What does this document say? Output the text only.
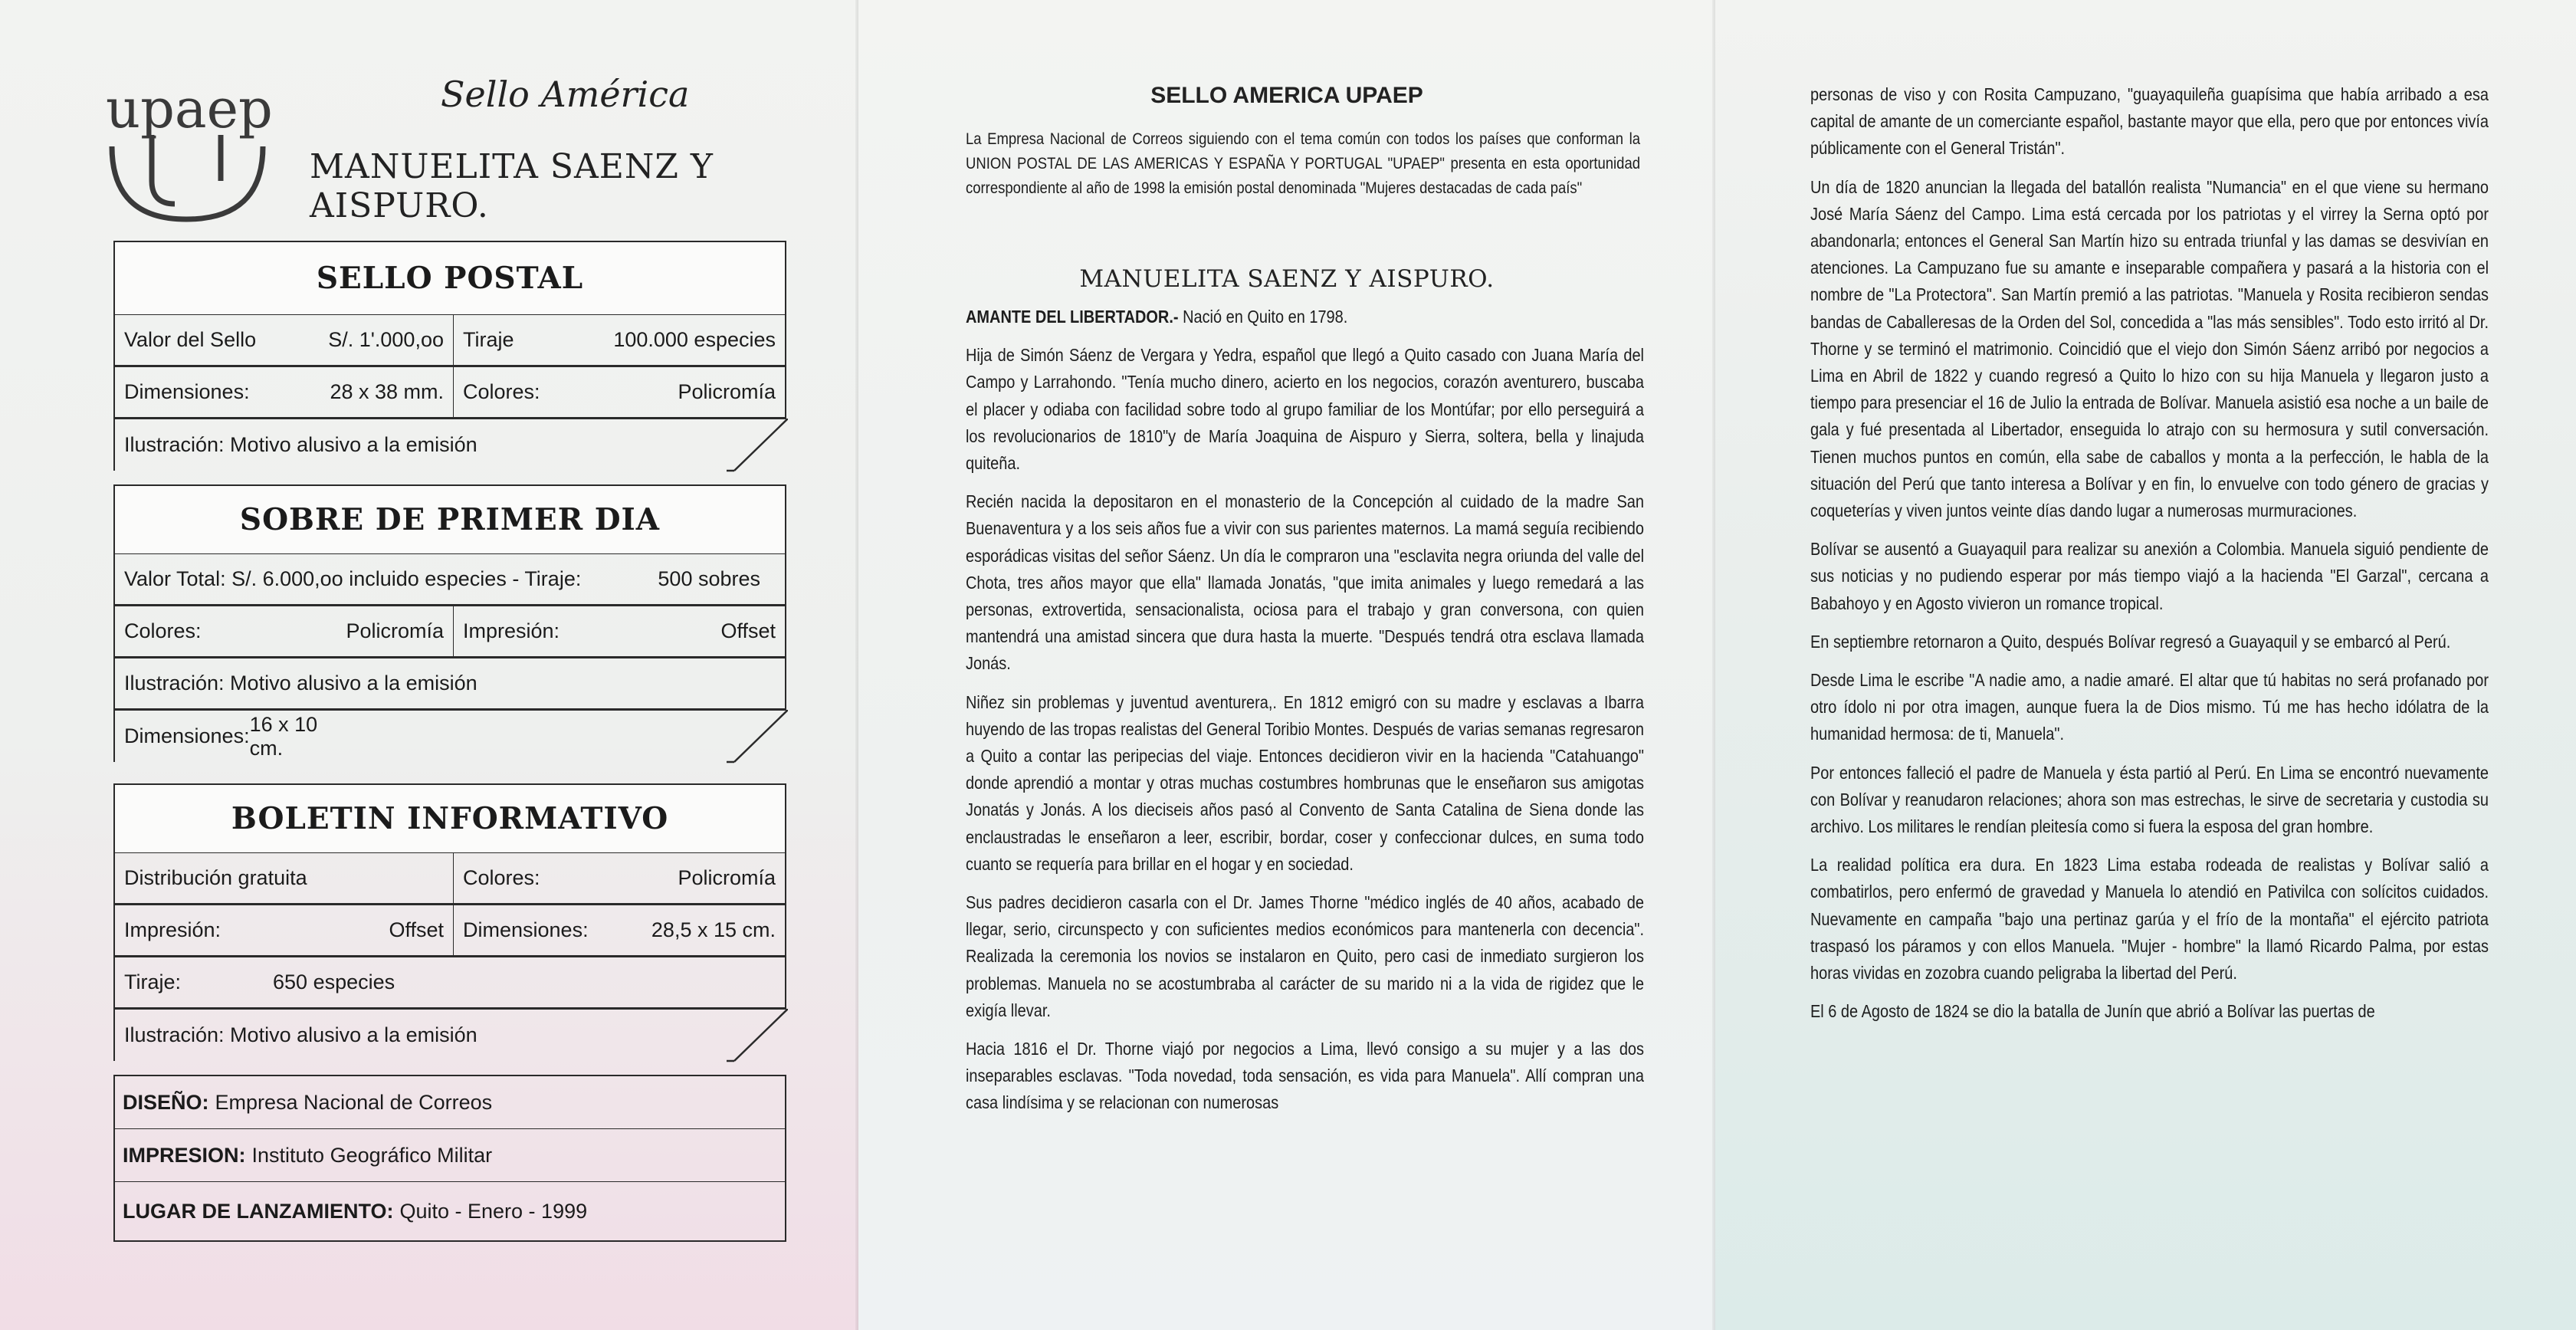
upaep	Sello América
MANUELITA SAENZ Y AISPURO.
SELLO POSTAL
Valor del Sello	S/. 1'.000,oo Tiraje	100.000 especies
Dimensiones:	28 x 38 mm. Colores:	Policromía
Ilustración: Motivo alusivo a la emisión
SOBRE DE PRIMER DIA
Valor Total: S/. 6.000,oo incluido especies - Tiraje:	500 sobres
Colores:	Policromía Impresión:	Offset
Ilustración: Motivo alusivo a la emisión
Dimensiones:
16 x 10 cm.
BOLETIN INFORMATIVO
Distribución gratuita	Colores:	Policromía
Impresión:	Offset Dimensiones:	28,5 x 15 cm.
Tiraje:	650 especies
Ilustración: Motivo alusivo a la emisión
DISEÑO: Empresa Nacional de Correos
IMPRESION: Instituto Geográfico Militar
LUGAR DE LANZAMIENTO: Quito - Enero - 1999
SELLO AMERICA UPAEP
La Empresa Nacional de Correos siguiendo con el tema común con todos los países que conforman la UNION POSTAL DE LAS AMERICAS Y ESPAÑA Y PORTUGAL "UPAEP" presenta en esta oportunidad correspondiente al año de 1998 la emisión postal denominada "Mujeres destacadas de cada país"
MANUELITA SAENZ Y AISPURO.

AMANTE DEL LIBERTADOR.- Nació en Quito en 1798.

Hija de Simón Sáenz de Vergara y Yedra, español que llegó a Quito casado con Juana María del Campo y Larrahondo. "Tenía mucho dinero, acierto en los negocios, corazón aventurero, buscaba el placer y odiaba con facilidad sobre todo al grupo familiar de los Montúfar; por ello perseguirá a los revolucionarios de 1810"y de María Joaquina de Aispuro y Sierra, soltera, bella y linajuda quiteña.

Recién nacida la depositaron en el monasterio de la Concepción al cuidado de la madre San Buenaventura y a los seis años fue a vivir con sus parientes maternos. La mamá seguía recibiendo esporádicas visitas del señor Sáenz. Un día le compraron una "esclavita negra oriunda del valle del Chota, tres años mayor que ella" llamada Jonatás, "que imita animales y luego remedará a las personas, extrovertida, sensacionalista, ociosa para el trabajo y gran conversona, con quien mantendrá una amistad sincera que dura hasta la muerte. "Después tendrá otra esclava llamada Jonás.

Niñez sin problemas y juventud aventurera,. En 1812 emigró con su madre y esclavas a Ibarra huyendo de las tropas realistas del General Toribio Montes. Después de varias semanas regresaron a Quito a contar las peripecias del viaje. Entonces decidieron vivir en la hacienda "Catahuango" donde aprendió a montar y otras muchas costumbres hombrunas que le enseñaron sus amigotas Jonatás y Jonás. A los dieciseis años pasó al Convento de Santa Catalina de Siena donde las enclaustradas le enseñaron a leer, escribir, bordar, coser y confeccionar dulces, en suma todo cuanto se requería para brillar en el hogar y en sociedad.

Sus padres decidieron casarla con el Dr. James Thorne "médico inglés de 40 años, acabado de llegar, serio, circunspecto y con suficientes medios económicos para mantenerla con decencia". Realizada la ceremonia los novios se instalaron en Quito, pero casi de inmediato surgieron los problemas. Manuela no se acostumbraba al carácter de su marido ni a la vida de rigidez que le exigía llevar.

Hacia 1816 el Dr. Thorne viajó por negocios a Lima, llevó consigo a su mujer y a las dos inseparables esclavas. "Toda novedad, toda sensación, es vida para Manuela". Allí compran una casa lindísima y se relacionan con numerosas

personas de viso y con Rosita Campuzano, "guayaquileña guapísima que había arribado a esa capital de amante de un comerciante español, bastante mayor que ella, pero que por entonces vivía públicamente con el General Tristán".

Un día de 1820 anuncian la llegada del batallón realista "Numancia" en el que viene su hermano José María Sáenz del Campo. Lima está cercada por los patriotas y el virrey la Serna optó por abandonarla; entonces el General San Martín hizo su entrada triunfal y las damas se desvivían en atenciones. La Campuzano fue su amante e inseparable compañera y pasará a la historia con el nombre de "La Protectora". San Martín premió a las patriotas. "Manuela y Rosita recibieron sendas bandas de Caballeresas de la Orden del Sol, concedida a "las más sensibles". Todo esto irritó al Dr. Thorne y se terminó el matrimonio. Coincidió que el viejo don Simón Sáenz arribó por negocios a Lima en Abril de 1822 y cuando regresó a Quito lo hizo con su hija Manuela y llegaron justo a tiempo para presenciar el 16 de Julio la entrada de Bolívar. Manuela asistió esa noche a un baile de gala y fué presentada al Libertador, enseguida lo atrajo con su hermosura y sutil conversación. Tienen muchos puntos en común, ella sabe de caballos y monta a la perfección, le habla de la situación del Perú que tanto interesa a Bolívar y en fin, lo envuelve con todo género de gracias y coqueterías y viven juntos veinte días dando lugar a numerosas murmuraciones.

Bolívar se ausentó a Guayaquil para realizar su anexión a Colombia. Manuela siguió pendiente de sus noticias y no pudiendo esperar por más tiempo viajó a la hacienda "El Garzal", cercana a Babahoyo y en Agosto vivieron un romance tropical.

En septiembre retornaron a Quito, después Bolívar regresó a Guayaquil y se embarcó al Perú.

Desde Lima le escribe "A nadie amo, a nadie amaré. El altar que tú habitas no será profanado por otro ídolo ni por otra imagen, aunque fuera la de Dios mismo. Tú me has hecho idólatra de la humanidad hermosa: de ti, Manuela".

Por entonces falleció el padre de Manuela y ésta partió al Perú. En Lima se encontró nuevamente con Bolívar y reanudaron relaciones; ahora son mas estrechas, le sirve de secretaria y custodia su archivo. Los militares le rendían pleitesía como si fuera la esposa del gran hombre.

La realidad política era dura. En 1823 Lima estaba rodeada de realistas y Bolívar salió a combatirlos, pero enfermó de gravedad y Manuela lo atendió en Pativilca con solícitos cuidados. Nuevamente en campaña "bajo una pertinaz garúa y el frío de la montaña" el ejército patriota traspasó los páramos y con ellos Manuela. "Mujer - hombre" la llamó Ricardo Palma, por estas horas vividas en zozobra cuando peligraba la libertad del Perú.

El 6 de Agosto de 1824 se dio la batalla de Junín que abrió a Bolívar las puertas de
